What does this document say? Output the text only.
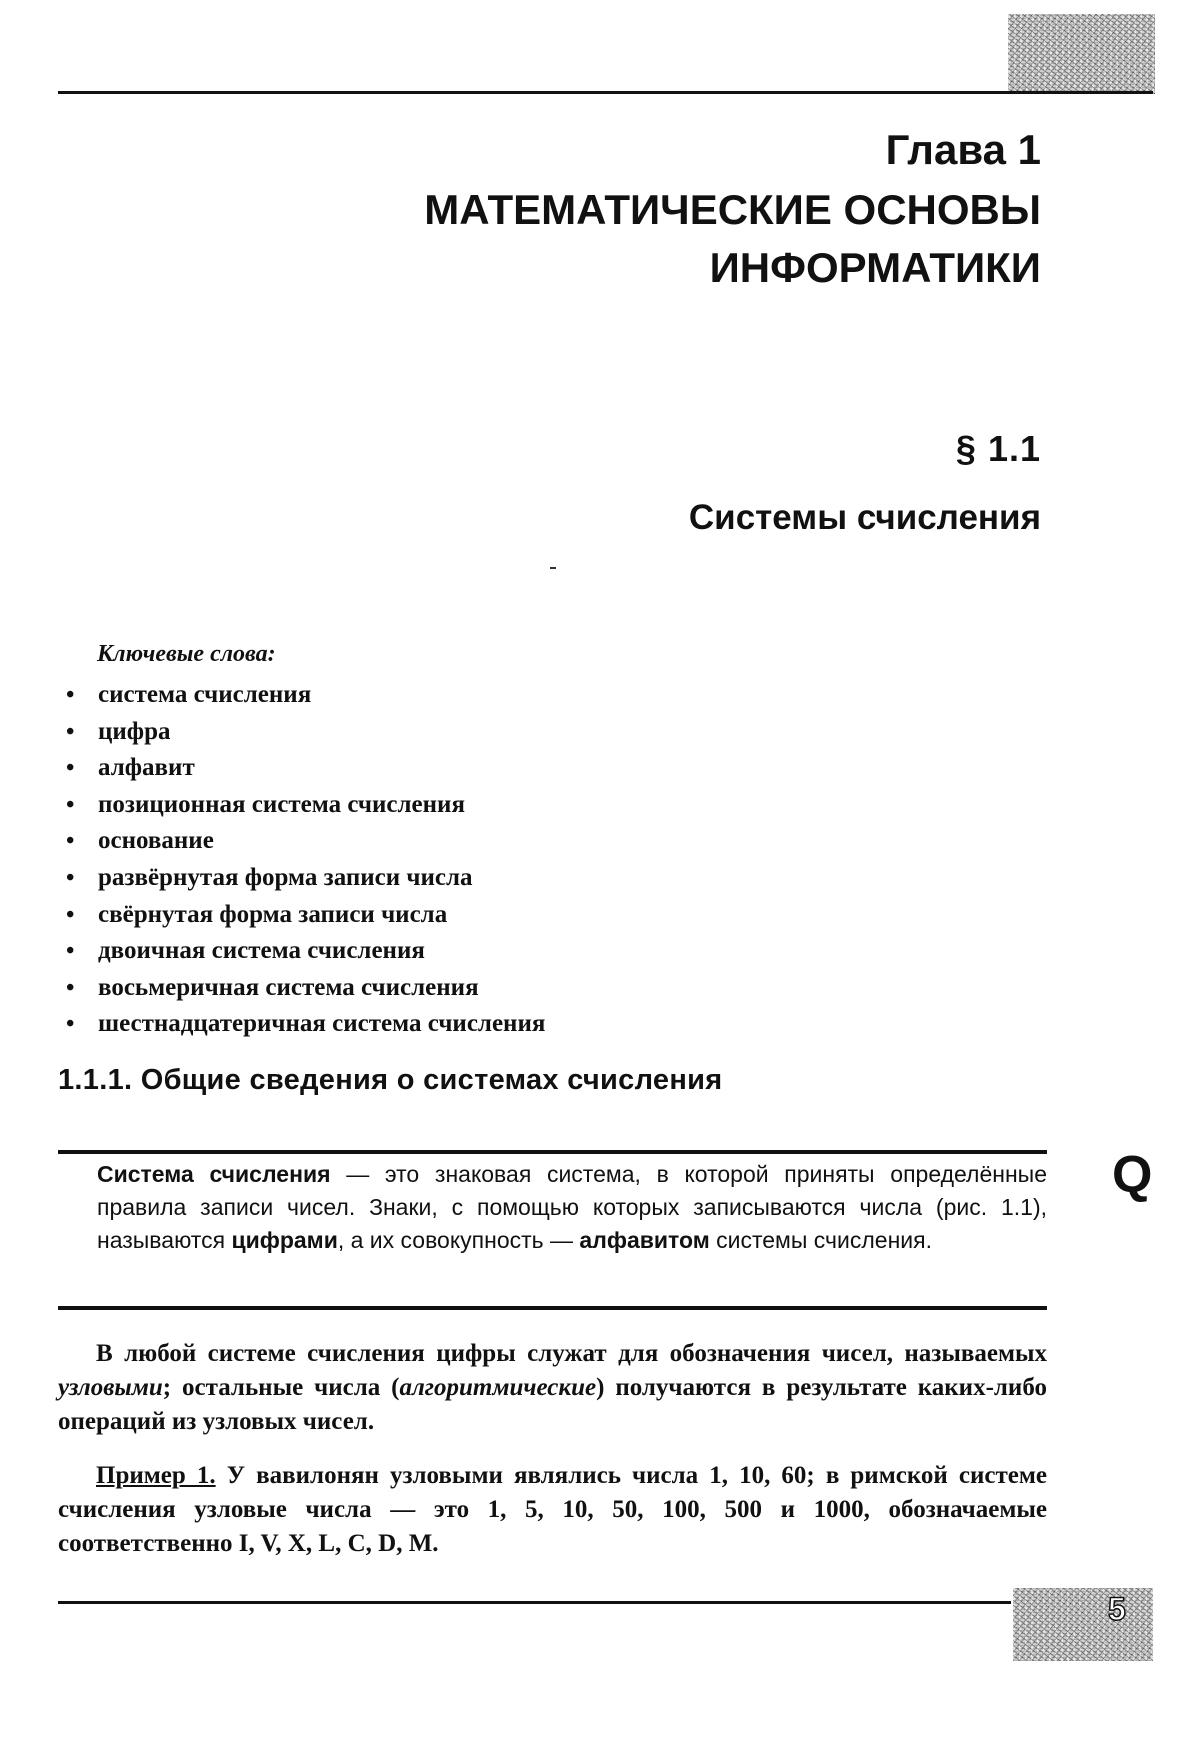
Глава 1
МАТЕМАТИЧЕСКИЕ ОСНОВЫ
ИНФОРМАТИКИ
§ 1.1
Системы счисления
Ключевые слова:
• система счисления
• цифра
• алфавит
• позиционная система счисления
• основание
• развёрнутая форма записи числа
• свёрнутая форма записи числа
• двоичная система счисления
• восьмеричная система счисления
• шестнадцатеричная система счисления
1.1.1. Общие сведения о системах счисления
Система счисления — это знаковая система, в которой приняты определённые правила записи чисел. Знаки, с помощью которых записываются числа (рис. 1.1), называются цифрами, а их совокупность — алфавитом системы счисления.
Q
В любой системе счисления цифры служат для обозначения чисел, называемых узловыми; остальные числа (алгоритмические) получаются в результате каких-либо операций из узловых чисел.
Пример 1. У вавилонян узловыми являлись числа 1, 10, 60; в римской системе счисления узловые числа — это 1, 5, 10, 50, 100, 500 и 1000, обозначаемые соответственно I, V, X, L, C, D, M.
5
